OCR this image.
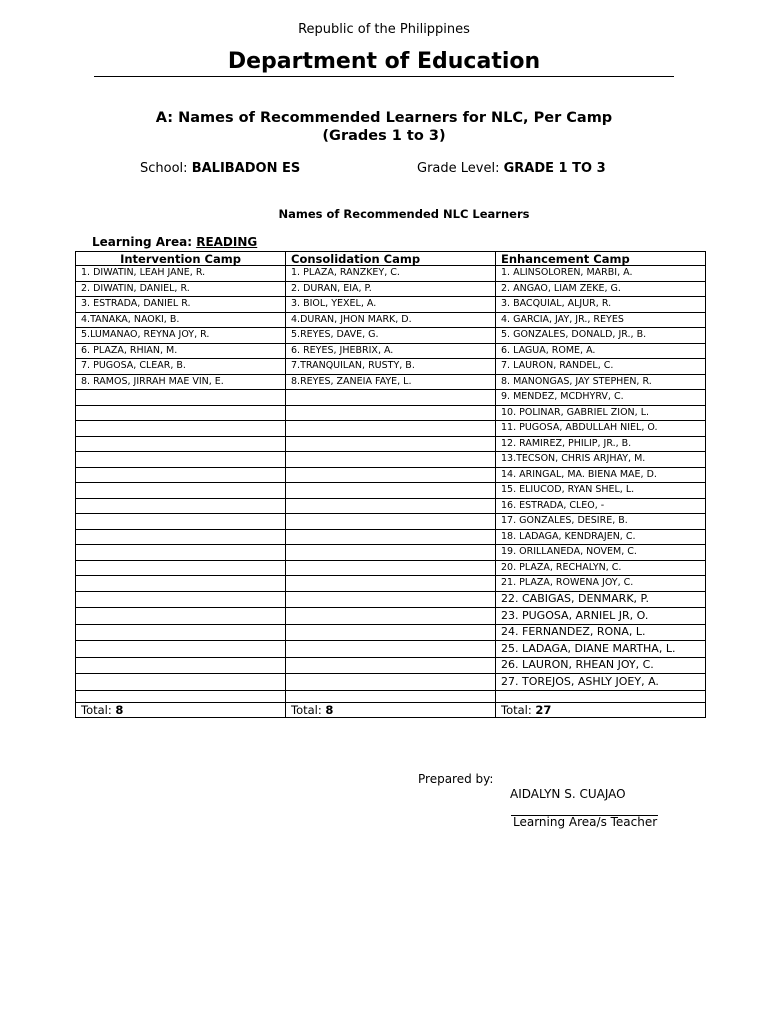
Republic of the Philippines
Department of Education
A: Names of Recommended Learners for NLC, Per Camp
(Grades 1 to 3)
School: BALIBADON ES	Grade Level: GRADE 1 TO 3
Names of Recommended NLC Learners
Learning Area: READING
Intervention Camp	Consolidation Camp	Enhancement Camp
1. DIWATIN, LEAH JANE, R.	1. PLAZA, RANZKEY, C.	1. ALINSOLOREN, MARBI, A.
2. DIWATIN, DANIEL, R.	2. DURAN, EIA, P.	2. ANGAO, LIAM ZEKE, G.
3. ESTRADA, DANIEL R.	3. BIOL, YEXEL, A.	3. BACQUIAL, ALJUR, R.
4.TANAKA, NAOKI, B.	4.DURAN, JHON MARK, D.	4. GARCIA, JAY, JR., REYES
5.LUMANAO, REYNA JOY, R.	5.REYES, DAVE, G.	5. GONZALES, DONALD, JR., B.
6. PLAZA, RHIAN, M.	6. REYES, JHEBRIX, A.	6. LAGUA, ROME, A.
7. PUGOSA, CLEAR, B.	7.TRANQUILAN, RUSTY, B.	7. LAURON, RANDEL, C.
8. RAMOS, JIRRAH MAE VIN, E.	8.REYES, ZANEIA FAYE, L.	8. MANONGAS, JAY STEPHEN, R.
		9. MENDEZ, MCDHYRV, C.
		10. POLINAR, GABRIEL ZION, L.
		11. PUGOSA, ABDULLAH NIEL, O.
		12. RAMIREZ, PHILIP, JR., B.
		13.TECSON, CHRIS ARJHAY, M.
		14. ARINGAL, MA. BIENA MAE, D.
		15. ELIUCOD, RYAN SHEL, L.
		16. ESTRADA, CLEO, -
		17. GONZALES, DESIRE, B.
		18. LADAGA, KENDRAJEN, C.
		19. ORILLANEDA, NOVEM, C.
		20. PLAZA, RECHALYN, C.
		21. PLAZA, ROWENA JOY, C.
		22. CABIGAS, DENMARK, P.
		23. PUGOSA, ARNIEL JR, O.
		24. FERNANDEZ, RONA, L.
		25. LADAGA, DIANE MARTHA, L.
		26. LAURON, RHEAN JOY, C.
		27. TOREJOS, ASHLY JOEY, A.

Total: 8	Total: 8	Total: 27
Prepared by:
AIDALYN S. CUAJAO
Learning Area/s Teacher
